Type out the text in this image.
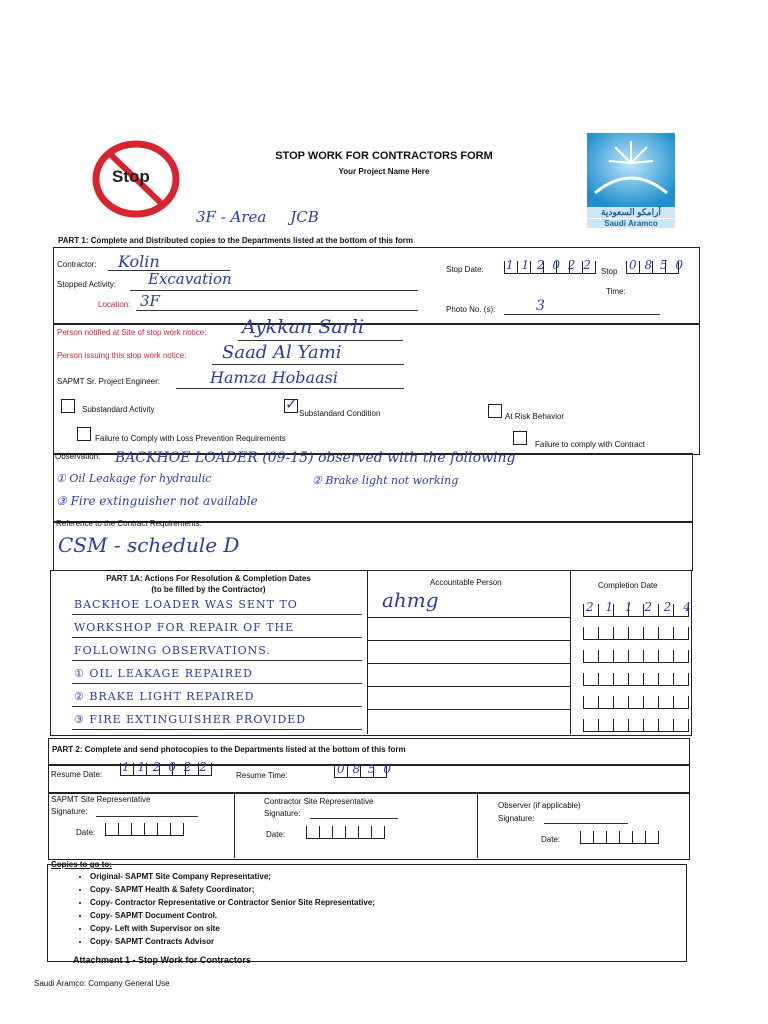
Stop
STOP WORK FOR CONTRACTORS FORM
Your Project Name Here
أرامكو السعودية
Saudi Aramco
3F - Area     JCB
PART 1: Complete and Distributed copies to the Departments listed at the bottom of this form
Contractor: Kolin
Stopped Activity: Excavation
Location: 3F
Stop Date: 1 1 2 0 2 2 Stop 0 8 5 0
Time:
Photo No. (s):	3
Person notified at Site of stop work notice: Aykkan Sarli
Person issuing this stop work notice: Saad Al Yami
SAPMT Sr. Project Engineer:	Hamza Hobaasi
Substandard Activity	✓
Substandard Condition	At Risk Behavior
Failure to Comply with Loss Prevention Requirements
Failure to comply with Contract
Observation: BACKHOE LOADER (09-15) observed with the following
① Oil Leakage for hydraulic	② Brake light not working
③ Fire extinguisher not available
Reference to the Contract Requirements:
CSM - schedule D
PART 1A: Actions For Resolution & Completion Dates
(to be filled by the Contractor)
Accountable Person	Completion Date
BACKHOE LOADER WAS SENT TO	ahmg	2 1 1 2 2 4
WORKSHOP FOR REPAIR OF THE
FOLLOWING OBSERVATIONS.
① OIL LEAKAGE REPAIRED
② BRAKE LIGHT REPAIRED
③ FIRE EXTINGUISHER PROVIDED
PART 2: Complete and send photocopies to the Departments listed at the bottom of this form
Resume Date:
1 1 2 0 2 2
Resume Time:	0 8 5 0
SAPMT Site Representative
Signature:
Date:
Contractor Site Representative
Signature:
Date:
Observer (if applicable)
Signature:
Date:
Copies to go to:
• Original- SAPMT Site Company Representative;
• Copy- SAPMT Health & Safety Coordinator;
• Copy- Contractor Representative or Contractor Senior Site Representative;
• Copy- SAPMT Document Control.
• Copy- Left with Supervisor on site
• Copy- SAPMT Contracts Advisor
Attachment 1 - Stop Work for Contractors
Saudi Aramco: Company General Use
